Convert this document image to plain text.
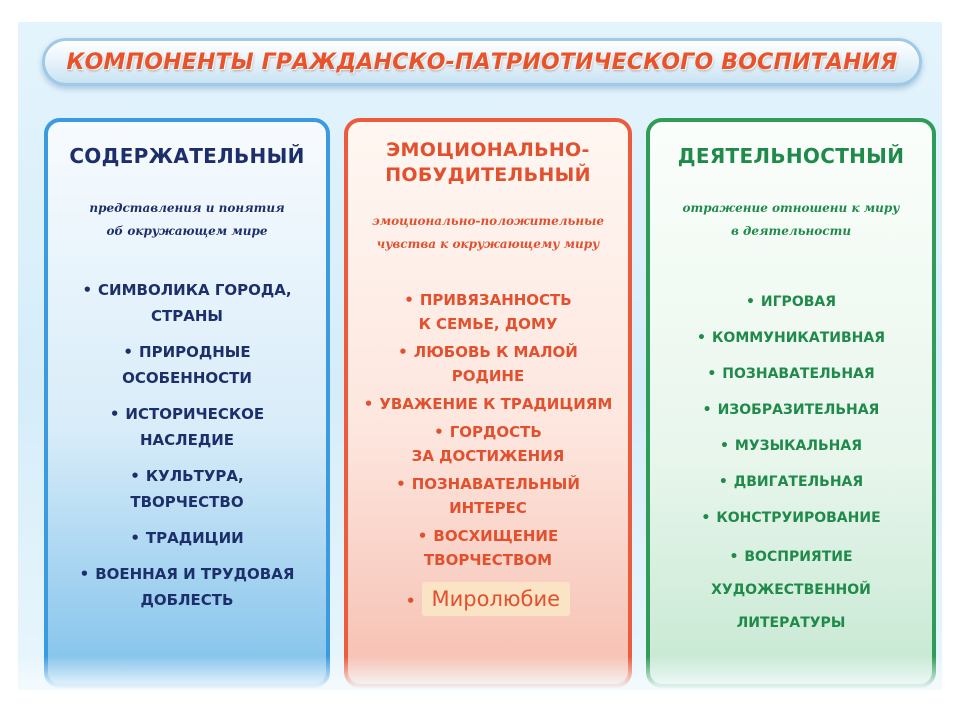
КОМПОНЕНТЫ ГРАЖДАНСКО-ПАТРИОТИЧЕСКОГО ВОСПИТАНИЯ
СОДЕРЖАТЕЛЬНЫЙ
представления и понятия
об окружающем мире
• СИМВОЛИКА ГОРОДА,
СТРАНЫ
• ПРИРОДНЫЕ
ОСОБЕННОСТИ
• ИСТОРИЧЕСКОЕ
НАСЛЕДИЕ
• КУЛЬТУРА,
ТВОРЧЕСТВО
• ТРАДИЦИИ
• ВОЕННАЯ И ТРУДОВАЯ
ДОБЛЕСТЬ
ЭМОЦИОНАЛЬНО-
ПОБУДИТЕЛЬНЫЙ
эмоционально-положительные
чувства к окружающему миру
• ПРИВЯЗАННОСТЬ
К СЕМЬЕ, ДОМУ
• ЛЮБОВЬ К МАЛОЙ
РОДИНЕ
• УВАЖЕНИЕ К ТРАДИЦИЯМ
• ГОРДОСТЬ
ЗА ДОСТИЖЕНИЯ
• ПОЗНАВАТЕЛЬНЫЙ
ИНТЕРЕС
• ВОСХИЩЕНИЕ
ТВОРЧЕСТВОМ
• Миролюбие
ДЕЯТЕЛЬНОСТНЫЙ
отражение отношени к миру
в деятельности
• ИГРОВАЯ
• КОММУНИКАТИВНАЯ
• ПОЗНАВАТЕЛЬНАЯ
• ИЗОБРАЗИТЕЛЬНАЯ
• МУЗЫКАЛЬНАЯ
• ДВИГАТЕЛЬНАЯ
• КОНСТРУИРОВАНИЕ
• ВОСПРИЯТИЕ
ХУДОЖЕСТВЕННОЙ
ЛИТЕРАТУРЫ
